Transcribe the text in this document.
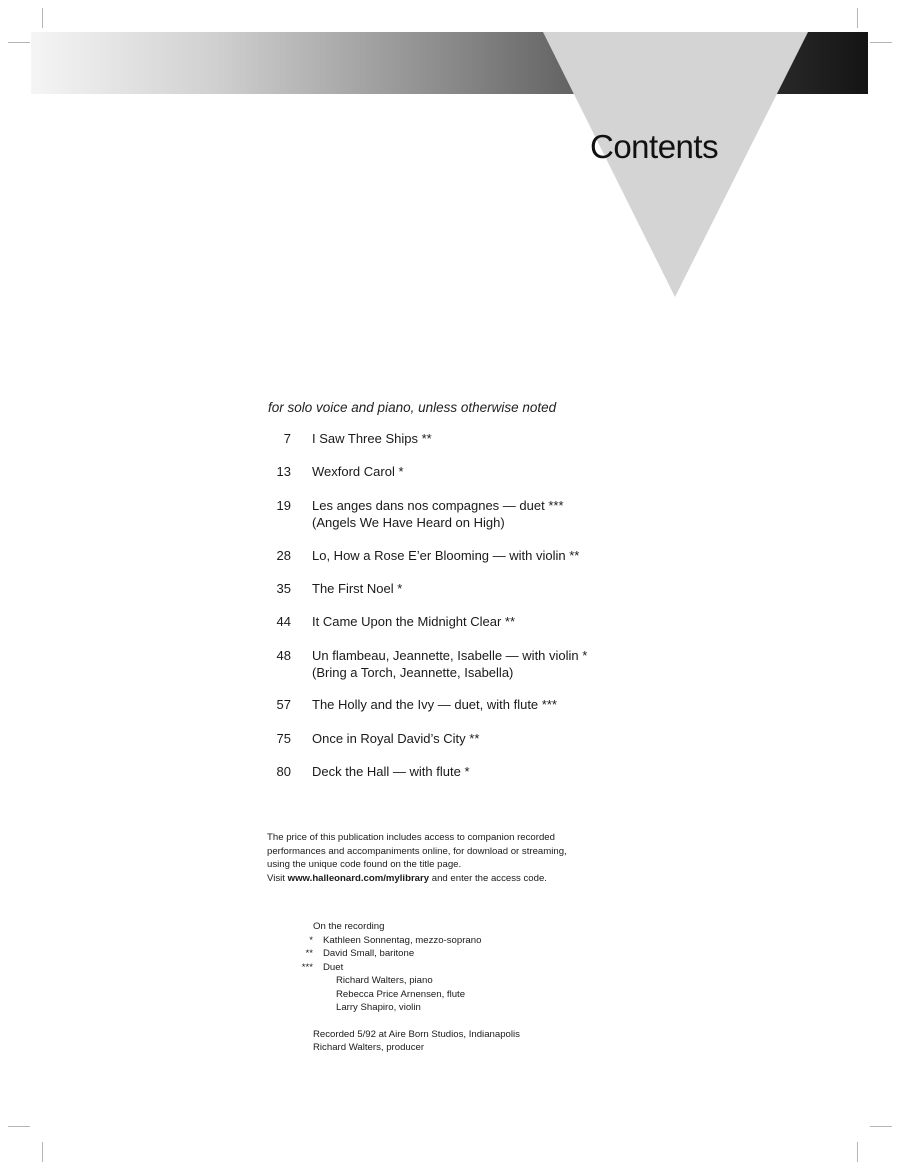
Contents
for solo voice and piano, unless otherwise noted
7 I Saw Three Ships **
13 Wexford Carol *
19 Les anges dans nos compagnes — duet ***
(Angels We Have Heard on High)
28 Lo, How a Rose E’er Blooming — with violin **
35 The First Noel *
44 It Came Upon the Midnight Clear **
48 Un flambeau, Jeannette, Isabelle — with violin *
(Bring a Torch, Jeannette, Isabella)
57 The Holly and the Ivy — duet, with flute ***
75 Once in Royal David’s City **
80 Deck the Hall — with flute *
The price of this publication includes access to companion recorded
performances and accompaniments online, for download or streaming,
using the unique code found on the title page.
Visit www.halleonard.com/mylibrary and enter the access code.
On the recording
* Kathleen Sonnentag, mezzo-soprano
** David Small, baritone
*** Duet
Richard Walters, piano
Rebecca Price Arnensen, flute
Larry Shapiro, violin
Recorded 5/92 at Aire Born Studios, Indianapolis
Richard Walters, producer
